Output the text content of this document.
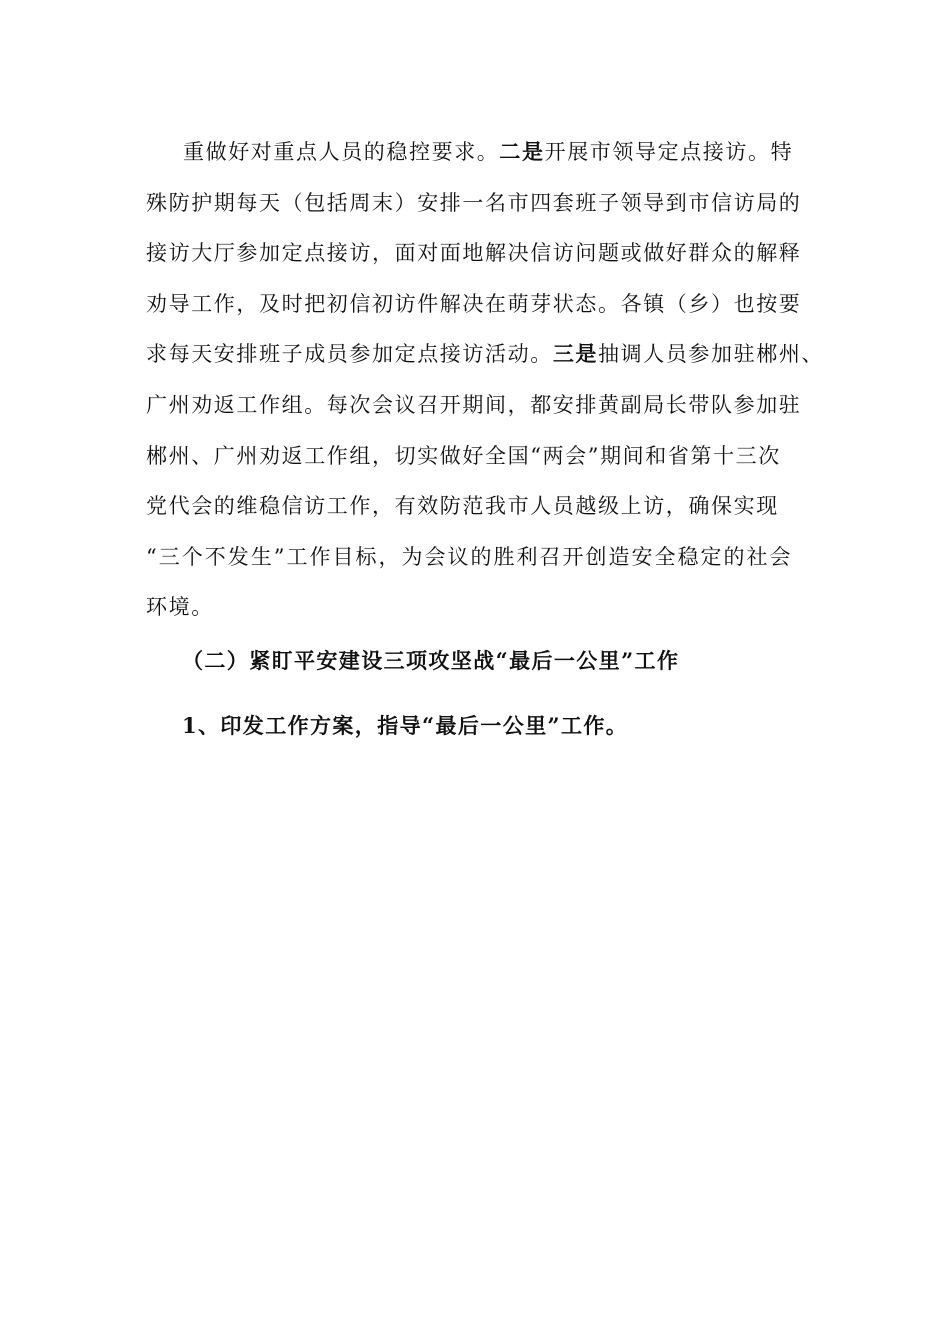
重做好对重点人员的稳控要求。二是开展市领导定点接访。特
殊防护期每天（包括周末）安排一名市四套班子领导到市信访局的
接访大厅参加定点接访，面对面地解决信访问题或做好群众的解释
劝导工作，及时把初信初访件解决在萌芽状态。各镇（乡）也按要
求每天安排班子成员参加定点接访活动。三是抽调人员参加驻郴州、
广州劝返工作组。每次会议召开期间，都安排黄副局长带队参加驻
郴州、广州劝返工作组，切实做好全国“两会”期间和省第十三次
党代会的维稳信访工作，有效防范我市人员越级上访，确保实现
“三个不发生”工作目标，为会议的胜利召开创造安全稳定的社会
环境。

（二）紧盯平安建设三项攻坚战“最后一公里”工作

1、印发工作方案，指导“最后一公里”工作。
